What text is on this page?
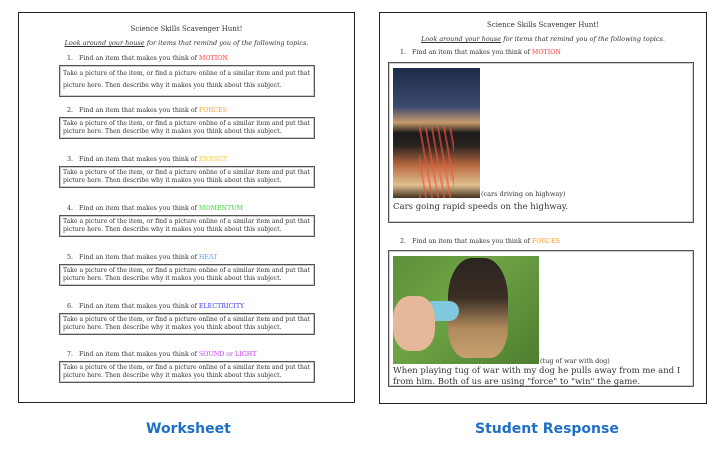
Science Skills Scavenger Hunt!
Look around your house for items that remind you of the following topics.
1. Find an item that makes you think of MOTION
Take a picture of the item, or find a picture online of a similar item and put that picture here. Then describe why it makes you think about this subject.
2. Find an item that makes you think of FORCES
Take a picture of the item, or find a picture online of a similar item and put that picture here. Then describe why it makes you think about this subject.
3. Find an item that makes you think of ENERGY
Take a picture of the item, or find a picture online of a similar item and put that picture here. Then describe why it makes you think about this subject.
4. Find an item that makes you think of MOMENTUM
Take a picture of the item, or find a picture online of a similar item and put that picture here. Then describe why it makes you think about this subject.
5. Find an item that makes you think of HEAT
Take a picture of the item, or find a picture online of a similar item and put that picture here. Then describe why it makes you think about this subject.
6. Find an item that makes you think of ELECTRICITY
Take a picture of the item, or find a picture online of a similar item and put that picture here. Then describe why it makes you think about this subject.
7. Find an item that makes you think of SOUND or LIGHT
Take a picture of the item, or find a picture online of a similar item and put that picture here. Then describe why it makes you think about this subject.
Science Skills Scavenger Hunt!
Look around your house for items that remind you of the following topics.
1. Find an item that makes you think of MOTION
(cars driving on highway)
Cars going rapid speeds on the highway.
2. Find an item that makes you think of FORCES
(tug of war with dog)
When playing tug of war with my dog he pulls away from me and I from him. Both of us are using "force" to "win" the game.
Worksheet	Student Response
